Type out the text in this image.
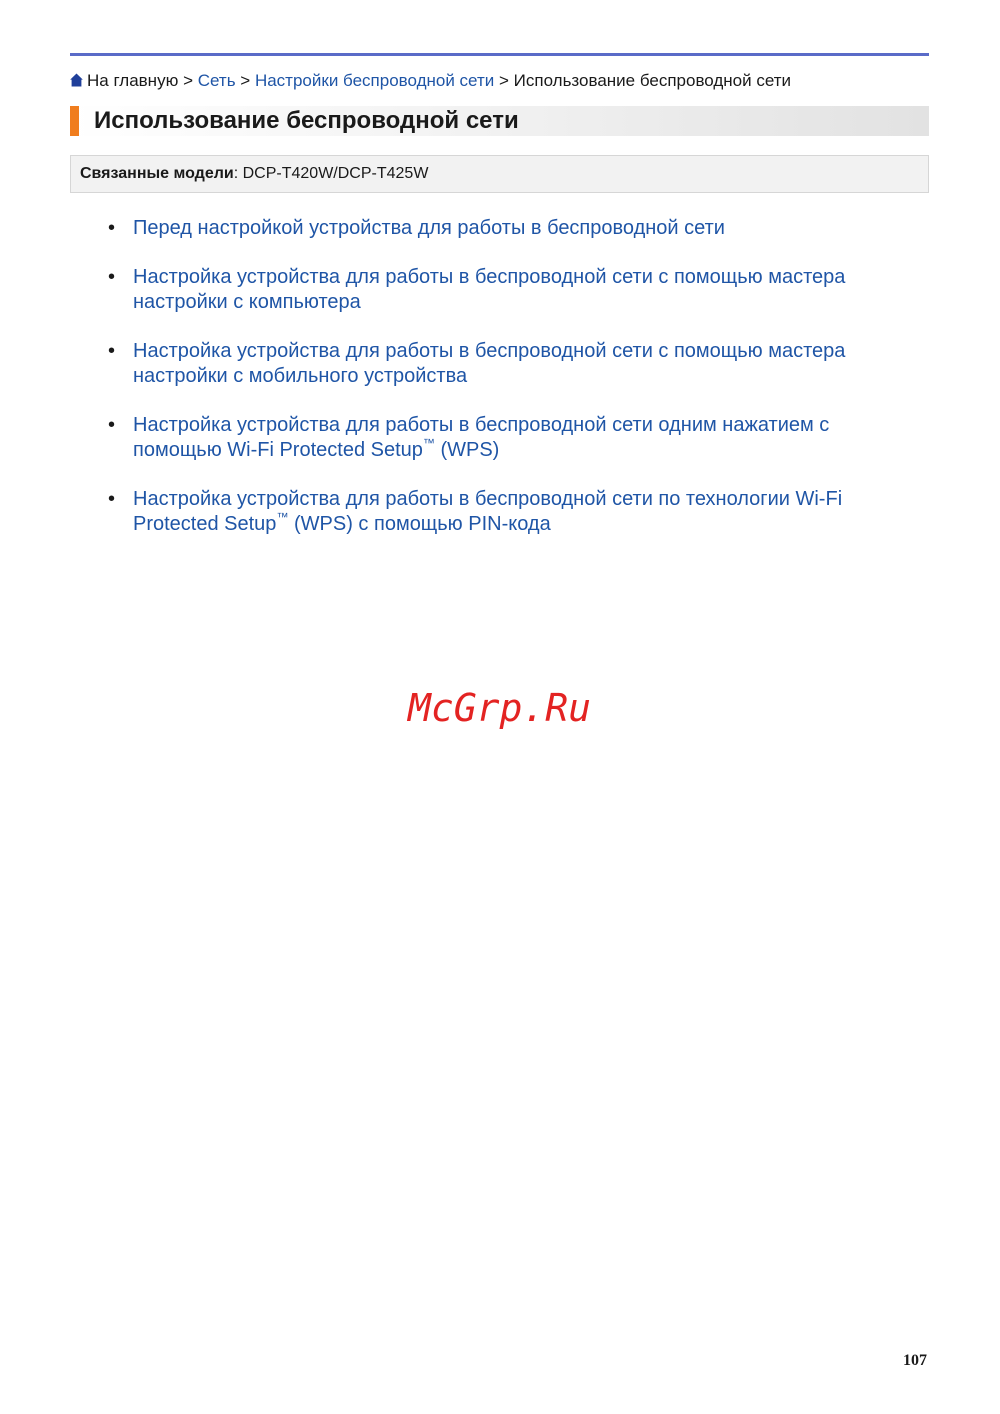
На главную > Сеть > Настройки беспроводной сети > Использование беспроводной сети
Использование беспроводной сети
Связанные модели: DCP-T420W/DCP-T425W
• Перед настройкой устройства для работы в беспроводной сети
• Настройка устройства для работы в беспроводной сети с помощью мастера настройки с компьютера
• Настройка устройства для работы в беспроводной сети с помощью мастера настройки с мобильного устройства
• Настройка устройства для работы в беспроводной сети одним нажатием с помощью Wi-Fi Protected Setup™ (WPS)
• Настройка устройства для работы в беспроводной сети по технологии Wi-Fi Protected Setup™ (WPS) с помощью PIN-кода
McGrp.Ru
107
